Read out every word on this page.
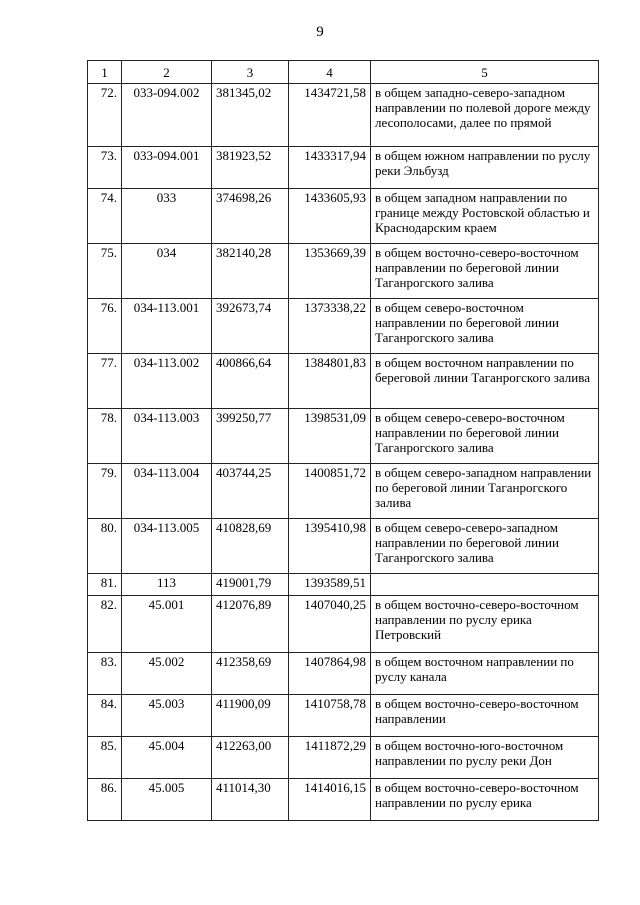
9
1	2	3	4	5
72.	033-094.002	381345,02	1434721,58	в общем западно-северо-западном направлении по полевой дороге между лесополосами, далее по прямой
73.	033-094.001	381923,52	1433317,94	в общем южном направлении по руслу реки Эльбузд
74.	033	374698,26	1433605,93	в общем западном направлении по границе между Ростовской областью и Краснодарским краем
75.	034	382140,28	1353669,39	в общем восточно-северо-восточном направлении по береговой линии Таганрогского залива
76.	034-113.001	392673,74	1373338,22	в общем северо-восточном направлении по береговой линии Таганрогского залива
77.	034-113.002	400866,64	1384801,83	в общем восточном направлении по береговой линии Таганрогского залива
78.	034-113.003	399250,77	1398531,09	в общем северо-северо-восточном направлении по береговой линии Таганрогского залива
79.	034-113.004	403744,25	1400851,72	в общем северо-западном направлении по береговой линии Таганрогского залива
80.	034-113.005	410828,69	1395410,98	в общем северо-северо-западном направлении по береговой линии Таганрогского залива
81.	113	419001,79	1393589,51	
82.	45.001	412076,89	1407040,25	в общем восточно-северо-восточном направлении по руслу ерика Петровский
83.	45.002	412358,69	1407864,98	в общем восточном направлении по руслу канала
84.	45.003	411900,09	1410758,78	в общем восточно-северо-восточном направлении
85.	45.004	412263,00	1411872,29	в общем восточно-юго-восточном направлении по руслу реки Дон
86.	45.005	411014,30	1414016,15	в общем восточно-северо-восточном направлении по руслу ерика
